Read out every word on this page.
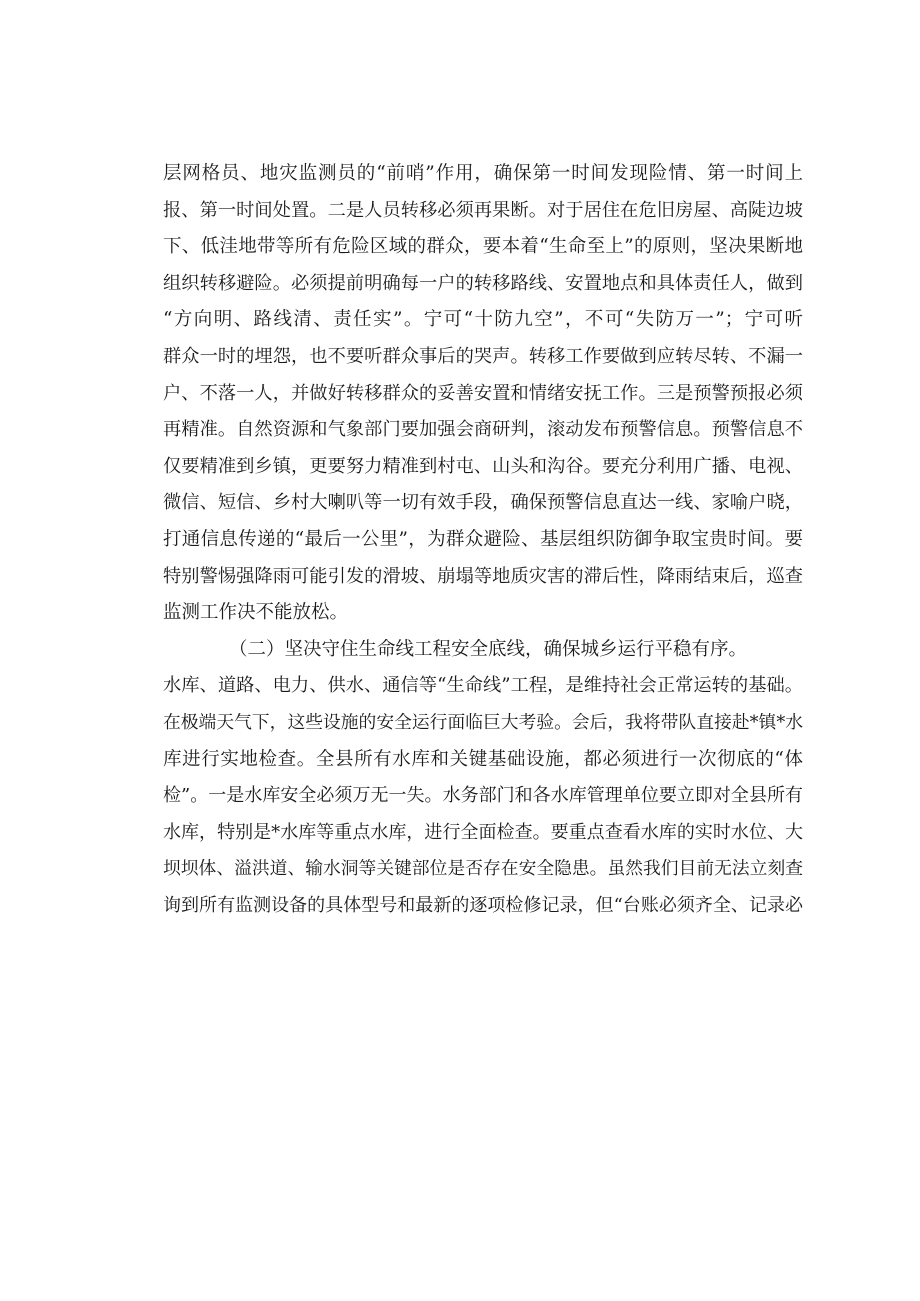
层网格员、地灾监测员的“前哨”作用，确保第一时间发现险情、第一时间上
报、第一时间处置。二是人员转移必须再果断。对于居住在危旧房屋、高陡边坡
下、低洼地带等所有危险区域的群众，要本着“生命至上”的原则，坚决果断地
组织转移避险。必须提前明确每一户的转移路线、安置地点和具体责任人，做到
“方向明、路线清、责任实”。宁可“十防九空”，不可“失防万一”；宁可听
群众一时的埋怨，也不要听群众事后的哭声。转移工作要做到应转尽转、不漏一
户、不落一人，并做好转移群众的妥善安置和情绪安抚工作。三是预警预报必须
再精准。自然资源和气象部门要加强会商研判，滚动发布预警信息。预警信息不
仅要精准到乡镇，更要努力精准到村屯、山头和沟谷。要充分利用广播、电视、
微信、短信、乡村大喇叭等一切有效手段，确保预警信息直达一线、家喻户晓，
打通信息传递的“最后一公里”，为群众避险、基层组织防御争取宝贵时间。要
特别警惕强降雨可能引发的滑坡、崩塌等地质灾害的滞后性，降雨结束后，巡查
监测工作决不能放松。
（二）坚决守住生命线工程安全底线，确保城乡运行平稳有序。
水库、道路、电力、供水、通信等“生命线”工程，是维持社会正常运转的基础。
在极端天气下，这些设施的安全运行面临巨大考验。会后，我将带队直接赴*镇*水
库进行实地检查。全县所有水库和关键基础设施，都必须进行一次彻底的“体
检”。一是水库安全必须万无一失。水务部门和各水库管理单位要立即对全县所有
水库，特别是*水库等重点水库，进行全面检查。要重点查看水库的实时水位、大
坝坝体、溢洪道、输水洞等关键部位是否存在安全隐患。虽然我们目前无法立刻查
询到所有监测设备的具体型号和最新的逐项检修记录，但“台账必须齐全、记录必
